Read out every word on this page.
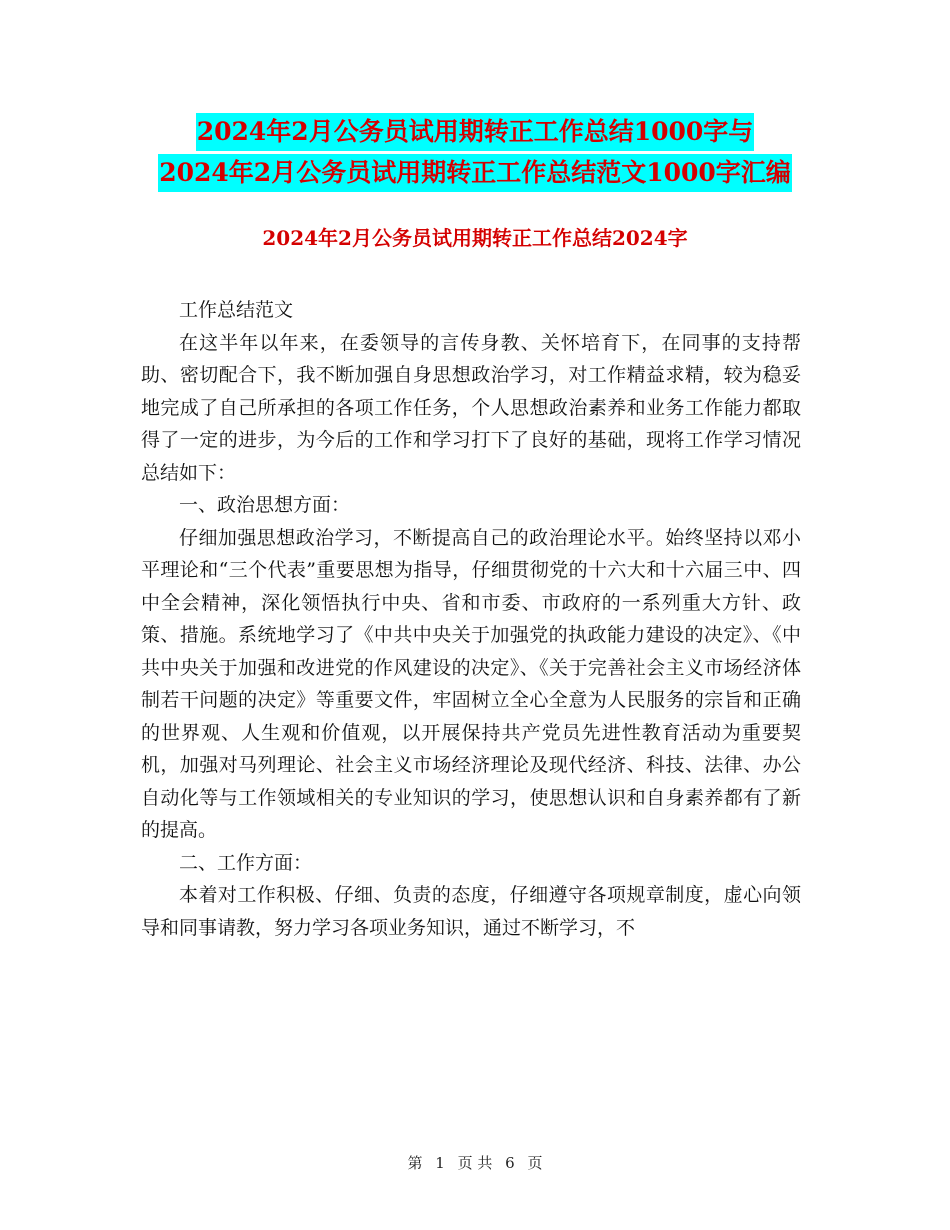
2024年2月公务员试用期转正工作总结1000字与
2024年2月公务员试用期转正工作总结范文1000字汇编
2024年2月公务员试用期转正工作总结2024字

工作总结范文

在这半年以年来，在委领导的言传身教、关怀培育下，在同事的支持帮助、密切配合下，我不断加强自身思想政治学习，对工作精益求精，较为稳妥地完成了自己所承担的各项工作任务，个人思想政治素养和业务工作能力都取得了一定的进步，为今后的工作和学习打下了良好的基础，现将工作学习情况总结如下：

一、政治思想方面：

仔细加强思想政治学习，不断提高自己的政治理论水平。始终坚持以邓小平理论和“三个代表”重要思想为指导，仔细贯彻党的十六大和十六届三中、四中全会精神，深化领悟执行中央、省和市委、市政府的一系列重大方针、政策、措施。系统地学习了《中共中央关于加强党的执政能力建设的决定》、《中共中央关于加强和改进党的作风建设的决定》、《关于完善社会主义市场经济体制若干问题的决定》等重要文件，牢固树立全心全意为人民服务的宗旨和正确的世界观、人生观和价值观，以开展保持共产党员先进性教育活动为重要契机，加强对马列理论、社会主义市场经济理论及现代经济、科技、法律、办公自动化等与工作领域相关的专业知识的学习，使思想认识和自身素养都有了新的提高。

二、工作方面：

本着对工作积极、仔细、负责的态度，仔细遵守各项规章制度，虚心向领导和同事请教，努力学习各项业务知识，通过不断学习，不

第 1 页 共 6 页
